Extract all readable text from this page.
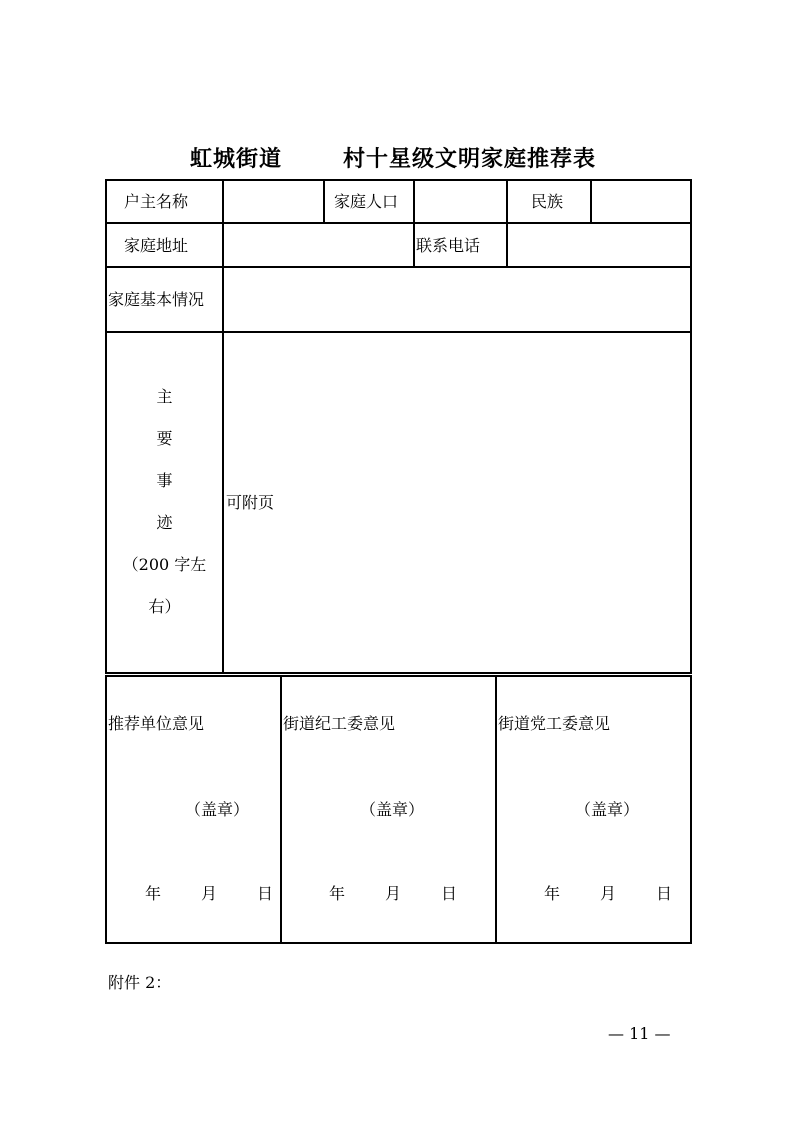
虹城街道	村十星级文明家庭推荐表
户主名称	家庭人口	民族
家庭地址	联系电话
家庭基本情况
主
要
事
迹
（200 字左
右）
可附页
推荐单位意见
（盖章）
年 月 日
街道纪工委意见
（盖章）
年 月 日
街道党工委意见
（盖章）
年 月 日
附件 2：
— 11 —
